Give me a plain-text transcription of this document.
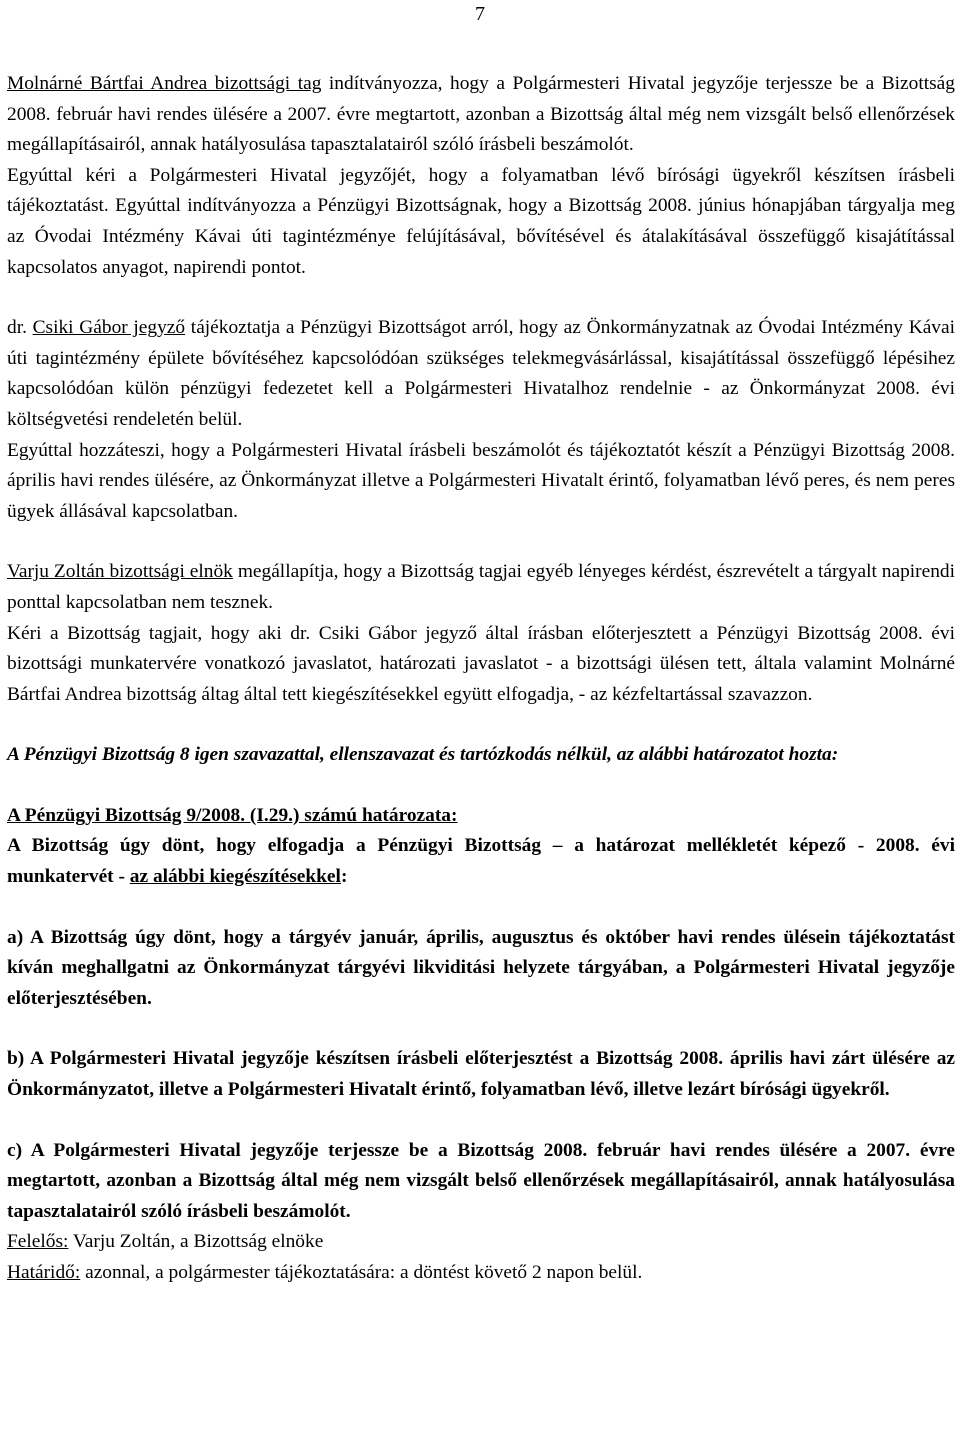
7

Molnárné Bártfai Andrea bizottsági tag indítványozza, hogy a Polgármesteri Hivatal jegyzője terjessze be a Bizottság 2008. február havi rendes ülésére a 2007. évre megtartott, azonban a Bizottság által még nem vizsgált belső ellenőrzések megállapításairól, annak hatályosulása tapasztalatairól szóló írásbeli beszámolót.

Egyúttal kéri a Polgármesteri Hivatal jegyzőjét, hogy a folyamatban lévő bírósági ügyekről készítsen írásbeli tájékoztatást. Egyúttal indítványozza a Pénzügyi Bizottságnak, hogy a Bizottság 2008. június hónapjában tárgyalja meg az Óvodai Intézmény Kávai úti tagintézménye felújításával, bővítésével és átalakításával összefüggő kisajátítással kapcsolatos anyagot, napirendi pontot.

dr. Csiki Gábor jegyző tájékoztatja a Pénzügyi Bizottságot arról, hogy az Önkormányzatnak az Óvodai Intézmény Kávai úti tagintézmény épülete bővítéséhez kapcsolódóan szükséges telekmegvásárlással, kisajátítással összefüggő lépésihez kapcsolódóan külön pénzügyi fedezetet kell a Polgármesteri Hivatalhoz rendelnie - az Önkormányzat 2008. évi költségvetési rendeletén belül.

Egyúttal hozzáteszi, hogy a Polgármesteri Hivatal írásbeli beszámolót és tájékoztatót készít a Pénzügyi Bizottság 2008. április havi rendes ülésére, az Önkormányzat illetve a Polgármesteri Hivatalt érintő, folyamatban lévő peres, és nem peres ügyek állásával kapcsolatban.

Varju Zoltán bizottsági elnök megállapítja, hogy a Bizottság tagjai egyéb lényeges kérdést, észrevételt a tárgyalt napirendi ponttal kapcsolatban nem tesznek.

Kéri a Bizottság tagjait, hogy aki dr. Csiki Gábor jegyző által írásban előterjesztett a Pénzügyi Bizottság 2008. évi bizottsági munkatervére vonatkozó javaslatot, határozati javaslatot - a bizottsági ülésen tett, általa valamint Molnárné Bártfai Andrea bizottság áltag által tett kiegészítésekkel együtt elfogadja, - az kézfeltartással szavazzon.

A Pénzügyi Bizottság 8 igen szavazattal, ellenszavazat és tartózkodás nélkül, az alábbi határozatot hozta:

A Pénzügyi Bizottság 9/2008. (I.29.) számú határozata:

A Bizottság úgy dönt, hogy elfogadja a Pénzügyi Bizottság – a határozat mellékletét képező - 2008. évi munkatervét - az alábbi kiegészítésekkel:

a) A Bizottság úgy dönt, hogy a tárgyév január, április, augusztus és október havi rendes ülésein tájékoztatást kíván meghallgatni az Önkormányzat tárgyévi likviditási helyzete tárgyában, a Polgármesteri Hivatal jegyzője előterjesztésében.

b) A Polgármesteri Hivatal jegyzője készítsen írásbeli előterjesztést a Bizottság 2008. április havi zárt ülésére az Önkormányzatot, illetve a Polgármesteri Hivatalt érintő, folyamatban lévő, illetve lezárt bírósági ügyekről.

c) A Polgármesteri Hivatal jegyzője terjessze be a Bizottság 2008. február havi rendes ülésére a 2007. évre megtartott, azonban a Bizottság által még nem vizsgált belső ellenőrzések megállapításairól, annak hatályosulása tapasztalatairól szóló írásbeli beszámolót.

Felelős: Varju Zoltán, a Bizottság elnöke

Határidő: azonnal, a polgármester tájékoztatására: a döntést követő 2 napon belül.
